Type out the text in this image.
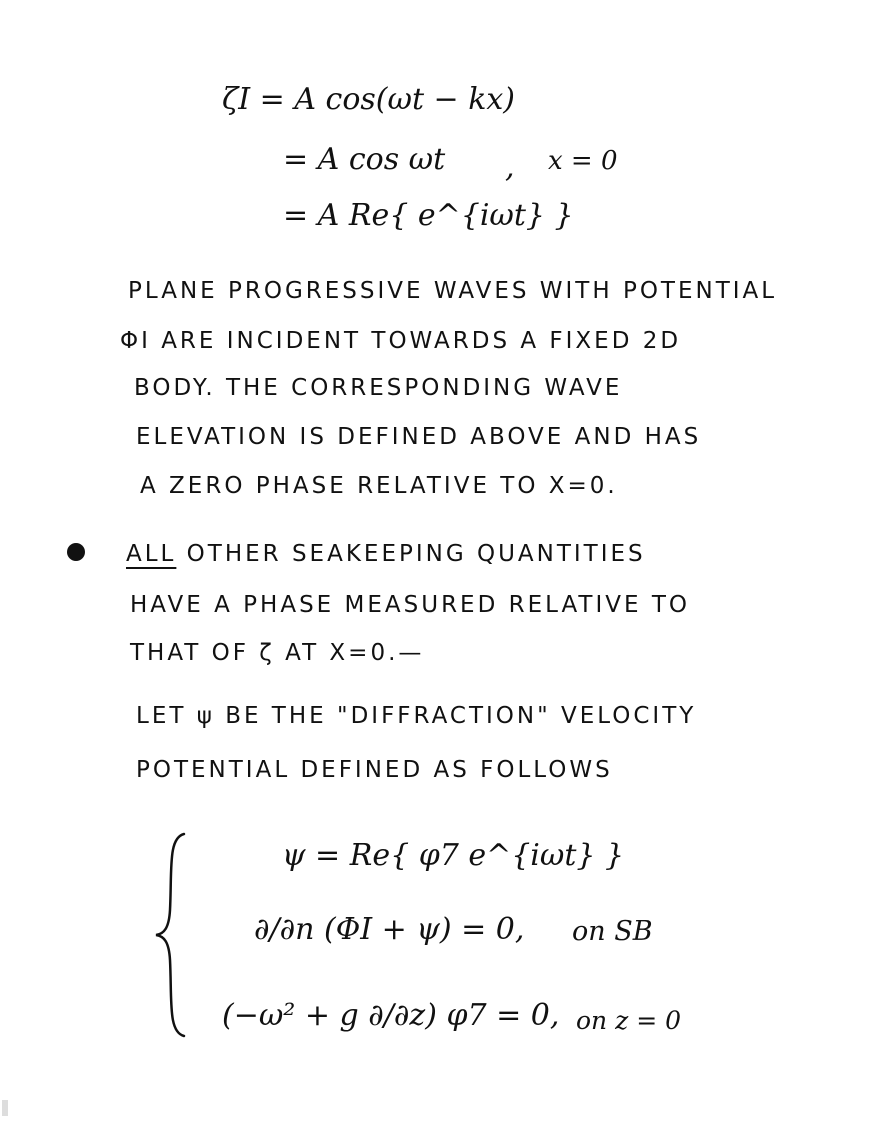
ζI = A cos(ωt − kx)
= A cos ωt , x = 0
= A Re{ e^{iωt} }
PLANE PROGRESSIVE WAVES WITH POTENTIAL
ΦI ARE INCIDENT TOWARDS A FIXED 2D
BODY. THE CORRESPONDING WAVE
ELEVATION IS DEFINED ABOVE AND HAS
A ZERO PHASE RELATIVE TO X=0.
ALL OTHER SEAKEEPING QUANTITIES
HAVE A PHASE MEASURED RELATIVE TO
THAT OF ζ AT X=0.—
LET ψ BE THE "DIFFRACTION" VELOCITY
POTENTIAL DEFINED AS FOLLOWS
ψ = Re{ φ7 e^{iωt} }
∂/∂n (ΦI + ψ) = 0, on SB
(−ω² + g ∂/∂z) φ7 = 0, on z = 0
